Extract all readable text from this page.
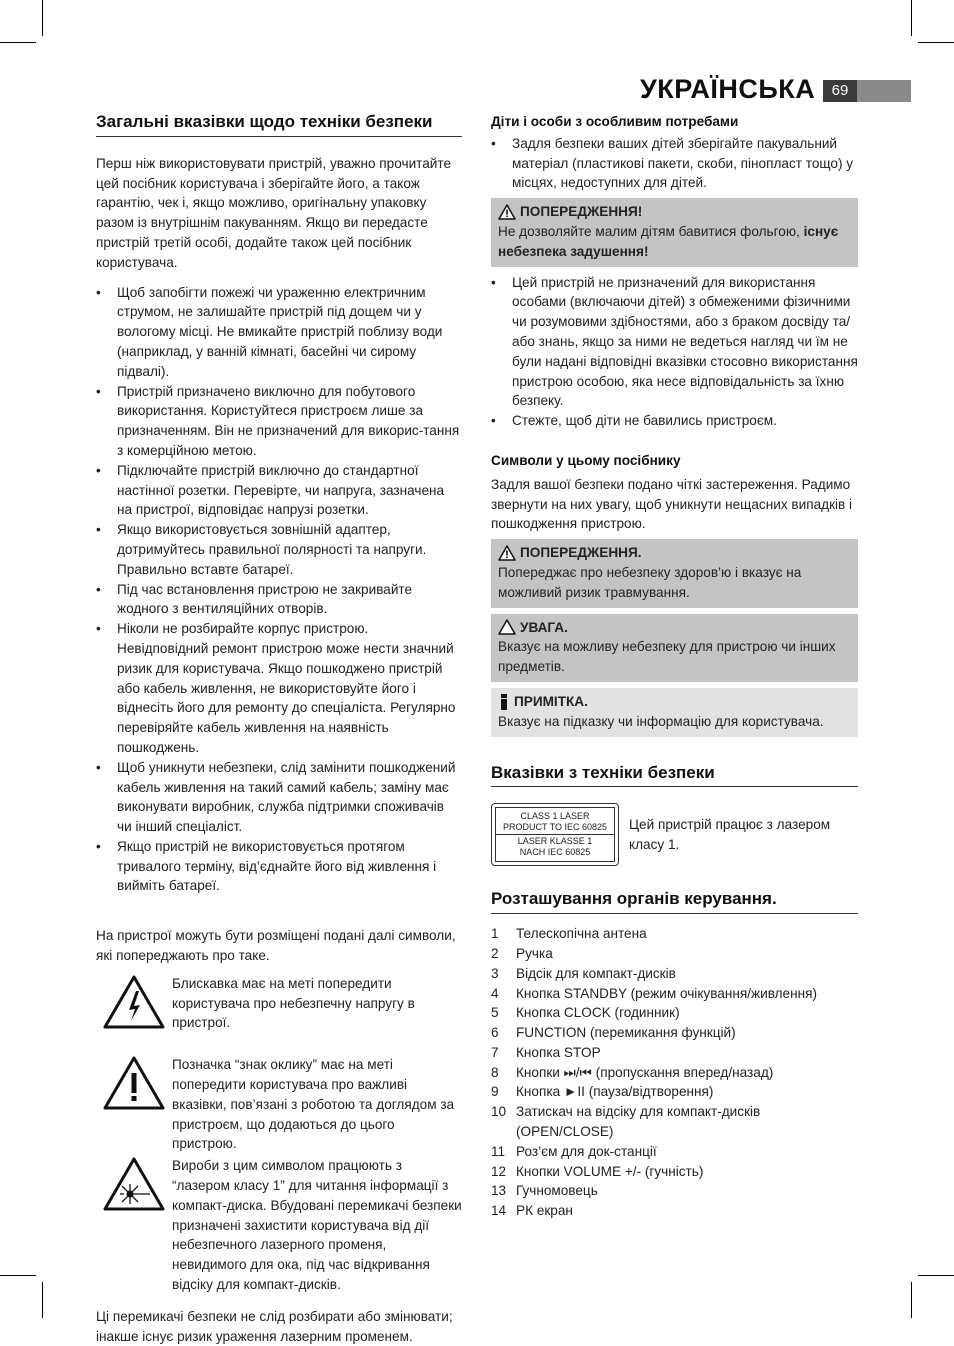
УКРАЇНСЬКА	69
Загальні вказівки щодо техніки безпеки

Перш ніж використовувати пристрій, уважно прочитайте цей посібник користувача і зберігайте його, а також гарантію, чек і, якщо можливо, оригінальну упаковку разом із внутрішнім пакуванням. Якщо ви передасте пристрій третій особі, додайте також цей посібник користувача.

• Щоб запобігти пожежі чи ураженню електричним струмом, не залишайте пристрій під дощем чи у вологому місці. Не вмикайте пристрій поблизу води (наприклад, у ванній кімнаті, басейні чи сирому підвалі).
• Пристрій призначено виключно для побутового використання. Користуйтеся пристроєм лише за призначенням. Він не призначений для викорис-тання з комерційною метою.
• Підключайте пристрій виключно до стандартної настінної розетки. Перевірте, чи напруга, зазначена на пристрої, відповідає напрузі розетки.
• Якщо використовується зовнішній адаптер, дотримуйтесь правильної полярності та напруги. Правильно вставте батареї.
• Під час встановлення пристрою не закривайте жодного з вентиляційних отворів.
• Ніколи не розбирайте корпус пристрою. Невідповідний ремонт пристрою може нести значний ризик для користувача. Якщо пошкоджено пристрій або кабель живлення, не використовуйте його і віднесіть його для ремонту до спеціаліста. Регулярно перевіряйте кабель живлення на наявність пошкоджень.
• Щоб уникнути небезпеки, слід замінити пошкоджений кабель живлення на такий самий кабель; заміну має виконувати виробник, служба підтримки споживачів чи інший спеціаліст.
• Якщо пристрій не використовується протягом тривалого терміну, від’єднайте його від живлення і вийміть батареї.

На пристрої можуть бути розміщені подані далі символи, які попереджають про таке.

Блискавка має на меті попередити користувача про небезпечну напругу в пристрої.
Позначка “знак оклику” має на меті попередити користувача про важливі вказівки, пов’язані з роботою та доглядом за пристроєм, що додаються до цього пристрою.
Вироби з цим символом працюють з “лазером класу 1” для читання інформації з компакт-диска. Вбудовані перемикачі безпеки призначені захистити користувача від дії небезпечного лазерного променя, невидимого для ока, під час відкривання відсіку для компакт-дисків.

Ці перемикачі безпеки не слід розбирати або змінювати; інакше існує ризик ураження лазерним променем.

Діти і особи з особливим потребами
• Задля безпеки ваших дітей зберігайте пакувальний матеріал (пластикові пакети, скоби, пінопласт тощо) у місцях, недоступних для дітей.
ПОПЕРЕДЖЕННЯ!
Не дозволяйте малим дітям бавитися фольгою, існує небезпека задушення!
• Цей пристрій не призначений для використання особами (включаючи дітей) з обмеженими фізичними чи розумовими здібностями, або з браком досвіду та/або знань, якщо за ними не ведеться нагляд чи їм не були надані відповідні вказівки стосовно використання пристрою особою, яка несе відповідальність за їхню безпеку.
• Стежте, щоб діти не бавились пристроєм.
Символи у цьому посібнику

Задля вашої безпеки подано чіткі застереження. Радимо звернути на них увагу, щоб уникнути нещасних випадків і пошкодження пристрою.

ПОПЕРЕДЖЕННЯ.
Попереджає про небезпеку здоров’ю і вказує на можливий ризик травмування.
УВАГА.
Вказує на можливу небезпеку для пристрою чи інших предметів.
ПРИМІТКА.
Вказує на підказку чи інформацію для користувача.
Вказівки з техніки безпеки
CLASS 1 LASER
PRODUCT TO IEC 60825
LASER KLASSE 1
NACH IEC 60825
Цей пристрій працює з лазером класу 1.
Розташування органів керування.
1	Телескопічна антена
2	Ручка
3	Відсік для компакт-дисків
4	Кнопка STANDBY (режим очікування/живлення)
5	Кнопка CLOCK (годинник)
6	FUNCTION (перемикання функцій)
7	Кнопка STOP
8	Кнопки ⏭/⏮ (пропускання вперед/назад)
9	Кнопка ►II (пауза/відтворення)
10 Затискач на відсіку для компакт-дисків (OPEN/CLOSE)
11 Роз’єм для док-станції
12 Кнопки VOLUME +/- (гучність)
13 Гучномовець
14 РК екран
